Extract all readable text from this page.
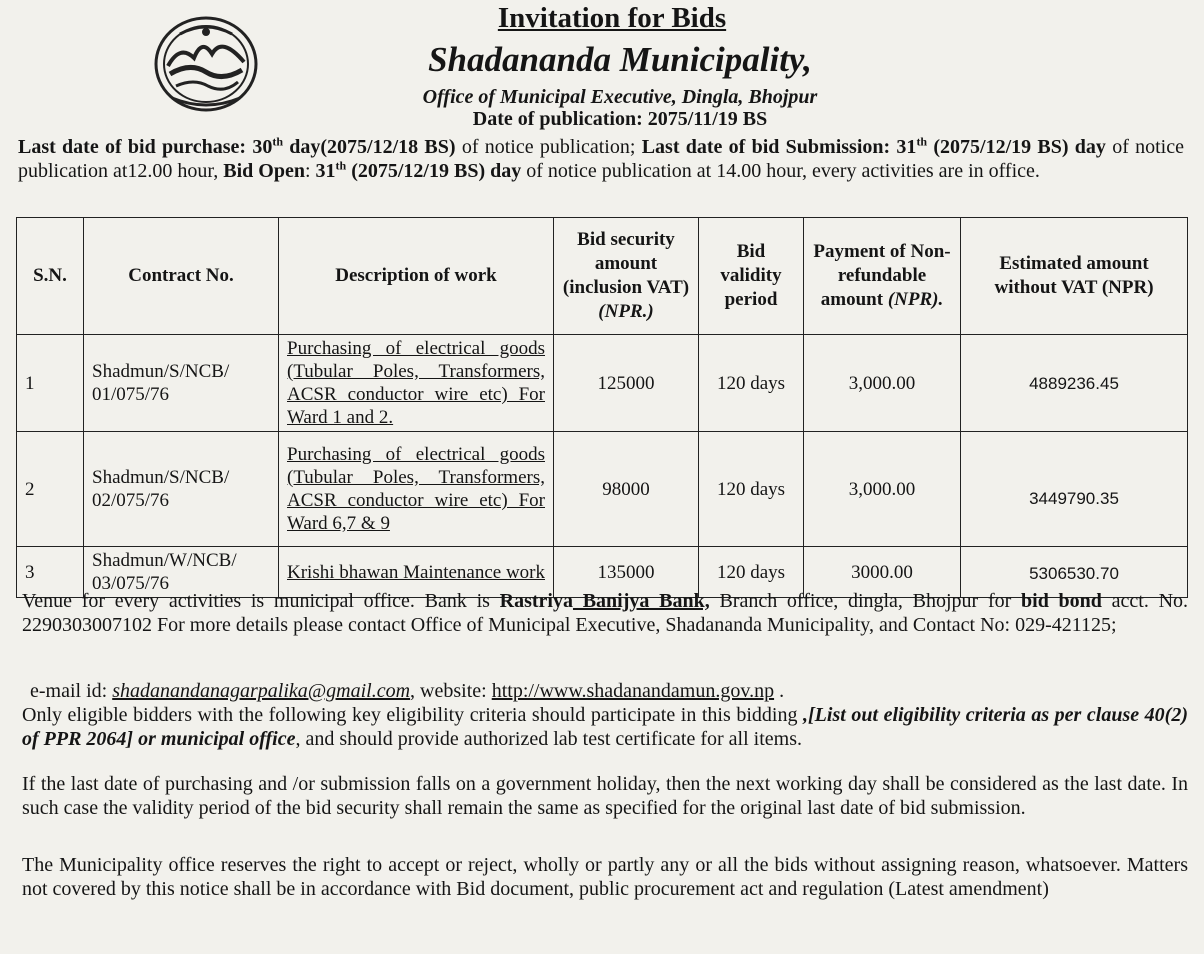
Invitation for Bids
Shadananda Municipality,
Office of Municipal Executive, Dingla, Bhojpur
Date of publication: 2075/11/19 BS
Last date of bid purchase: 30th day(2075/12/18 BS) of notice publication; Last date of bid Submission: 31th (2075/12/19 BS) day of notice publication at12.00 hour, Bid Open: 31th (2075/12/19 BS) day of notice publication at 14.00 hour, every activities are in office.
S.N.	Contract No.	Description of work	Bid security amount (inclusion VAT) (NPR.)	Bid validity period	Payment of Non-refundable amount (NPR).	Estimated amount without VAT (NPR)
1	Shadmun/S/NCB/ 01/075/76	Purchasing of electrical goods (Tubular Poles, Transformers, ACSR conductor wire etc) For Ward 1 and 2.	125000	120 days	3,000.00	4889236.45
2	Shadmun/S/NCB/ 02/075/76	Purchasing of electrical goods (Tubular Poles, Transformers, ACSR conductor wire etc) For Ward 6,7 & 9	98000	120 days	3,000.00	3449790.35
3	Shadmun/W/NCB/ 03/075/76	Krishi bhawan Maintenance work	135000	120 days	3000.00	5306530.70
Venue for every activities is municipal office. Bank is Rastriya Banijya Bank, Branch office, dingla, Bhojpur for bid bond acct. No. 2290303007102 For more details please contact Office of Municipal Executive, Shadananda Municipality, and Contact No: 029-421125;
e-mail id: shadanandanagarpalika@gmail.com, website: http://www.shadanandamun.gov.np .
Only eligible bidders with the following key eligibility criteria should participate in this bidding ,[List out eligibility criteria as per clause 40(2) of PPR 2064] or municipal office, and should provide authorized lab test certificate for all items.
If the last date of purchasing and /or submission falls on a government holiday, then the next working day shall be considered as the last date. In such case the validity period of the bid security shall remain the same as specified for the original last date of bid submission.
The Municipality office reserves the right to accept or reject, wholly or partly any or all the bids without assigning reason, whatsoever. Matters not covered by this notice shall be in accordance with Bid document, public procurement act and regulation (Latest amendment)
